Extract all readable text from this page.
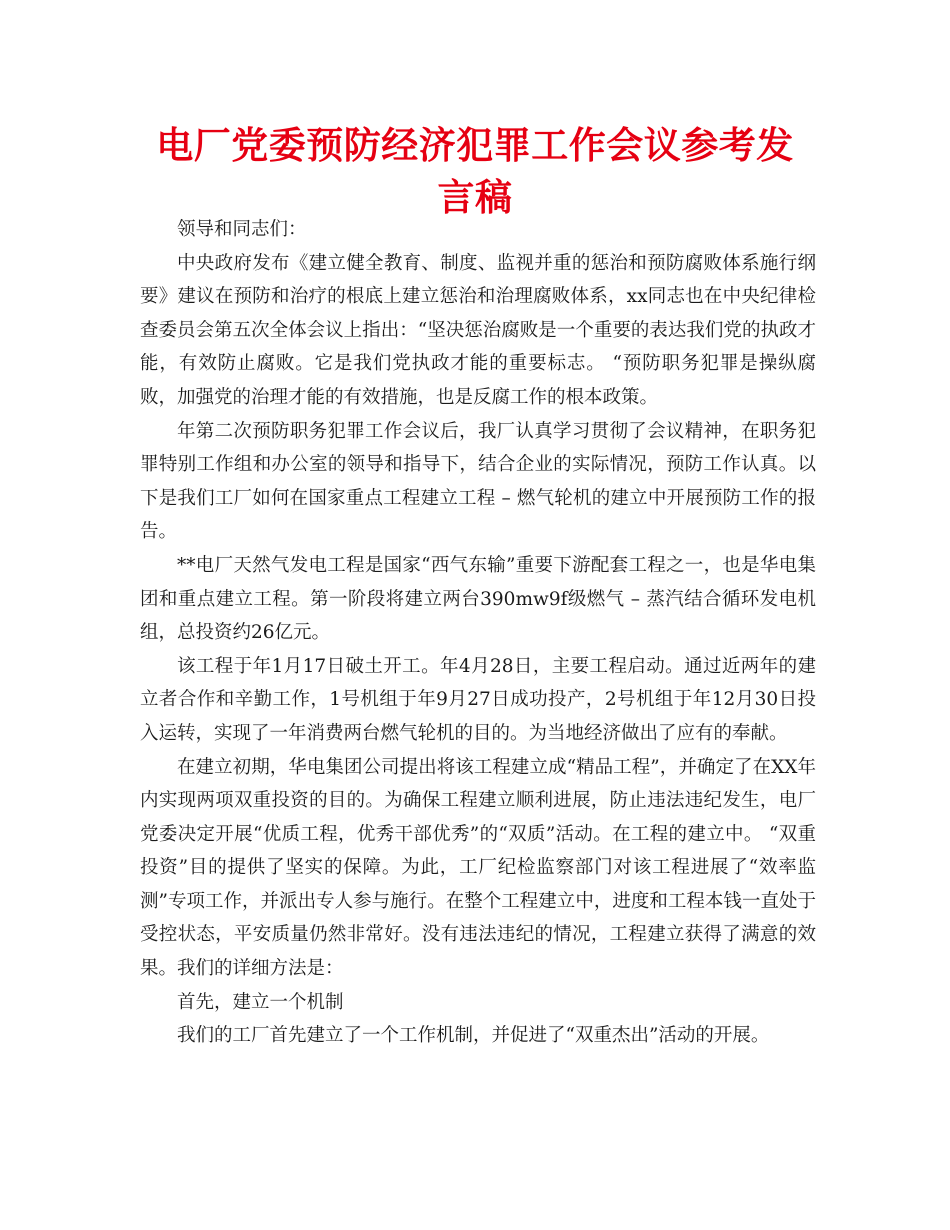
电厂党委预防经济犯罪工作会议参考发言稿

领导和同志们：

中央政府发布《建立健全教育、制度、监视并重的惩治和预防腐败体系施行纲要》建议在预防和治疗的根底上建立惩治和治理腐败体系，xx同志也在中央纪律检查委员会第五次全体会议上指出：“坚决惩治腐败是一个重要的表达我们党的执政才能，有效防止腐败。它是我们党执政才能的重要标志。 “预防职务犯罪是操纵腐败，加强党的治理才能的有效措施，也是反腐工作的根本政策。

年第二次预防职务犯罪工作会议后，我厂认真学习贯彻了会议精神，在职务犯罪特别工作组和办公室的领导和指导下，结合企业的实际情况，预防工作认真。以下是我们工厂如何在国家重点工程建立工程 – 燃气轮机的建立中开展预防工作的报告。

**电厂天然气发电工程是国家“西气东输”重要下游配套工程之一，也是华电集团和重点建立工程。第一阶段将建立两台390mw9f级燃气 – 蒸汽结合循环发电机组，总投资约26亿元。

该工程于年1月17日破土开工。年4月28日，主要工程启动。通过近两年的建立者合作和辛勤工作，1号机组于年9月27日成功投产，2号机组于年12月30日投入运转，实现了一年消费两台燃气轮机的目的。为当地经济做出了应有的奉献。

在建立初期，华电集团公司提出将该工程建立成“精品工程”，并确定了在XX年内实现两项双重投资的目的。为确保工程建立顺利进展，防止违法违纪发生，电厂党委决定开展“优质工程，优秀干部优秀”的“双质”活动。在工程的建立中。 “双重投资”目的提供了坚实的保障。为此，工厂纪检监察部门对该工程进展了“效率监测”专项工作，并派出专人参与施行。在整个工程建立中，进度和工程本钱一直处于受控状态，平安质量仍然非常好。没有违法违纪的情况，工程建立获得了满意的效果。我们的详细方法是：

首先，建立一个机制

我们的工厂首先建立了一个工作机制，并促进了“双重杰出”活动的开展。
